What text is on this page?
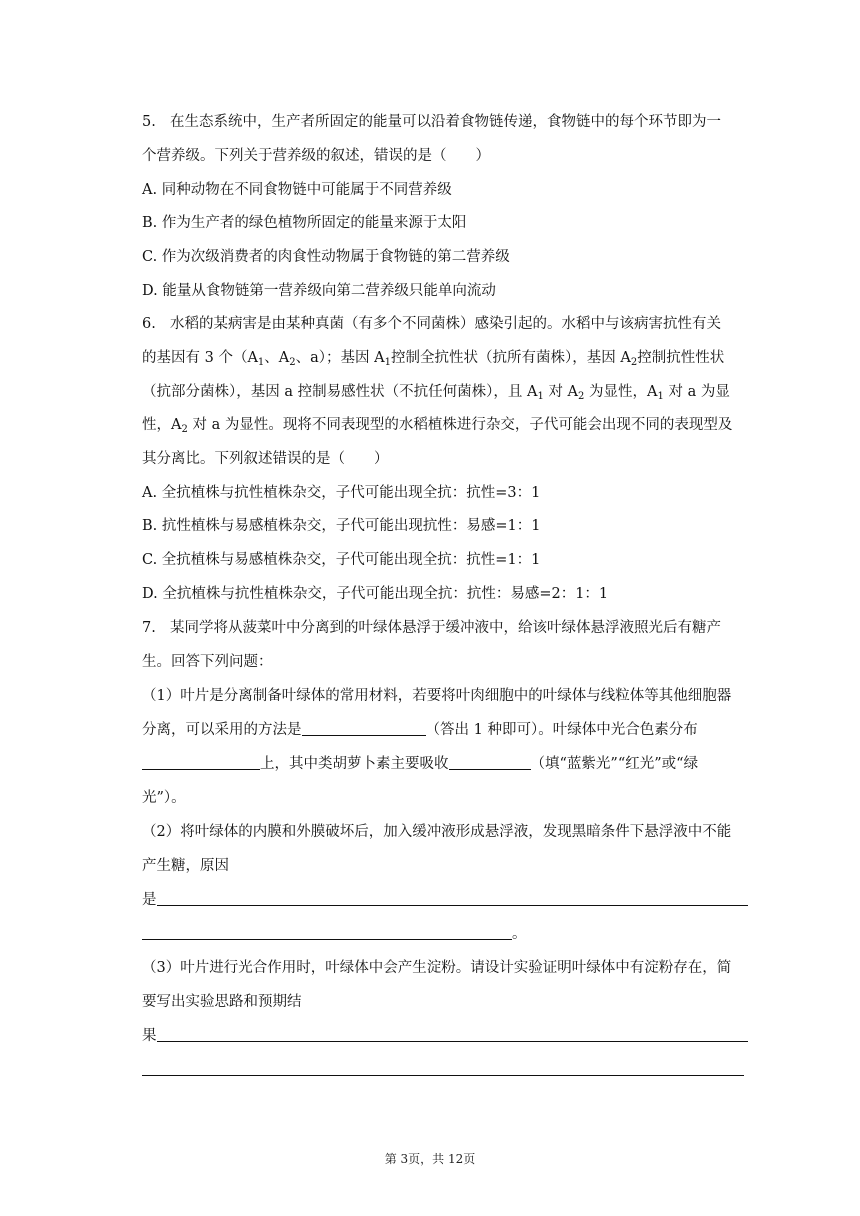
5. 在生态系统中，生产者所固定的能量可以沿着食物链传递，食物链中的每个环节即为一
个营养级。下列关于营养级的叙述，错误的是（　　）
A. 同种动物在不同食物链中可能属于不同营养级
B. 作为生产者的绿色植物所固定的能量来源于太阳
C. 作为次级消费者的肉食性动物属于食物链的第二营养级
D. 能量从食物链第一营养级向第二营养级只能单向流动
6. 水稻的某病害是由某种真菌（有多个不同菌株）感染引起的。水稻中与该病害抗性有关
的基因有 3 个（$A_1$、$A_2$、a）；基因 $A_1$控制全抗性状（抗所有菌株），基因 $A_2$控制抗性性状
（抗部分菌株），基因 a 控制易感性状（不抗任何菌株），且 $A_1$ 对 $A_2$ 为显性，$A_1$ 对 a 为显
性，$A_2$ 对 a 为显性。现将不同表现型的水稻植株进行杂交，子代可能会出现不同的表现型及
其分离比。下列叙述错误的是（　　）
A. 全抗植株与抗性植株杂交，子代可能出现全抗：抗性=3：1
B. 抗性植株与易感植株杂交，子代可能出现抗性：易感=1：1
C. 全抗植株与易感植株杂交，子代可能出现全抗：抗性=1：1
D. 全抗植株与抗性植株杂交，子代可能出现全抗：抗性：易感=2：1：1
7. 某同学将从菠菜叶中分离到的叶绿体悬浮于缓冲液中，给该叶绿体悬浮液照光后有糖产
生。回答下列问题：
（1）叶片是分离制备叶绿体的常用材料，若要将叶肉细胞中的叶绿体与线粒体等其他细胞器
分离，可以采用的方法是	（答出 1 种即可）。叶绿体中光合色素分布
上，其中类胡萝卜素主要吸收	（填“蓝紫光”“红光”或“绿
光”）。
（2）将叶绿体的内膜和外膜破坏后，加入缓冲液形成悬浮液，发现黑暗条件下悬浮液中不能
产生糖，原因
是
。
（3）叶片进行光合作用时，叶绿体中会产生淀粉。请设计实验证明叶绿体中有淀粉存在，简
要写出实验思路和预期结
果
第 3页，共 12页
